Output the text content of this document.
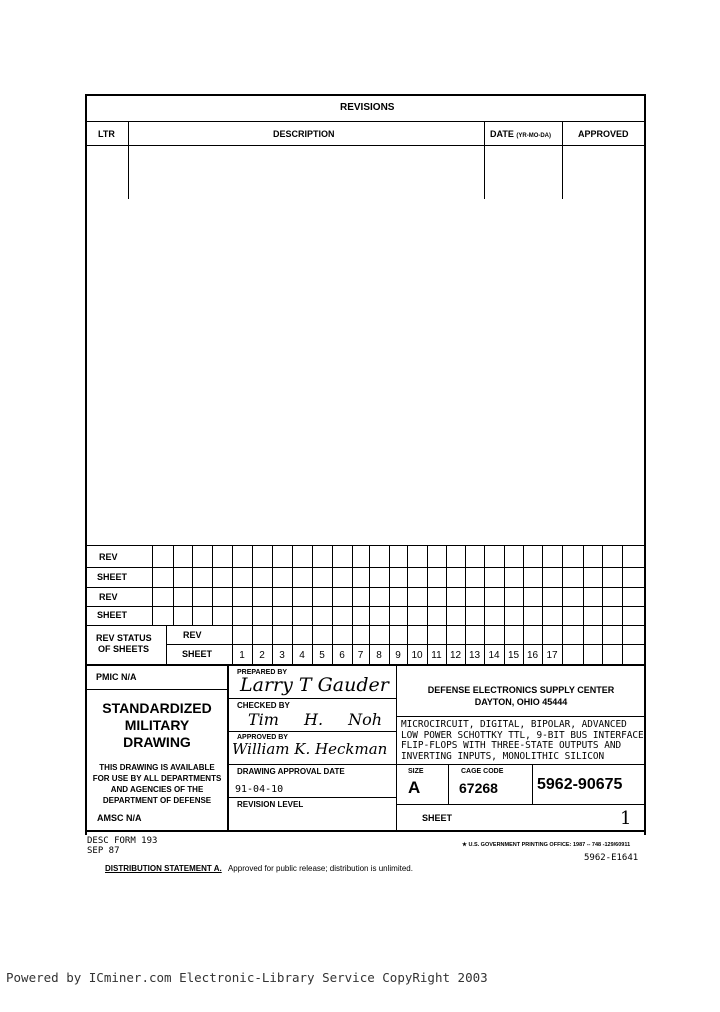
REVISIONS
LTR	DESCRIPTION	DATE (YR-MO-DA)	APPROVED
REV
SHEET
REV
SHEET
REV STATUS
OF SHEETS
REV
SHEET	1	2	3	4	5	6	7	8	9	10 11 12 13 14 15 16 17
PMIC N/A
STANDARDIZED
MILITARY
DRAWING
THIS DRAWING IS AVAILABLE
FOR USE BY ALL DEPARTMENTS
AND AGENCIES OF THE
DEPARTMENT OF DEFENSE
AMSC N/A
PREPARED BY
Larry T Gauder
CHECKED BY
Tim H. Noh
APPROVED BY
William K. Heckman
DRAWING APPROVAL DATE
91-04-10
REVISION LEVEL
DEFENSE ELECTRONICS SUPPLY CENTER
DAYTON, OHIO 45444
MICROCIRCUIT, DIGITAL, BIPOLAR, ADVANCED
LOW POWER SCHOTTKY TTL, 9-BIT BUS INTERFACE
FLIP-FLOPS WITH THREE-STATE OUTPUTS AND
INVERTING INPUTS, MONOLITHIC SILICON
SIZE
A
CAGE CODE
67268 5962-90675
SHEET	1
DESC FORM 193
SEP 87
★ U.S. GOVERNMENT PRINTING OFFICE: 1987 -- 748 -129/60911
5962-E1641
DISTRIBUTION STATEMENT A. Approved for public release; distribution is unlimited.
Powered by ICminer.com Electronic-Library Service CopyRight 2003
